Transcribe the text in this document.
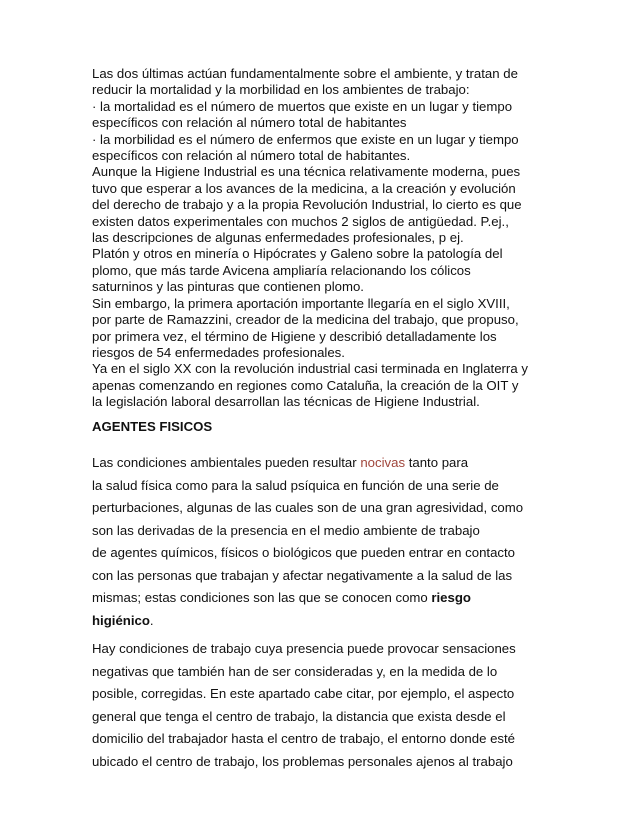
Las dos últimas actúan fundamentalmente sobre el ambiente, y tratan de

reducir la mortalidad y la morbilidad en los ambientes de trabajo:

· la mortalidad es el número de muertos que existe en un lugar y tiempo

específicos con relación al número total de habitantes

· la morbilidad es el número de enfermos que existe en un lugar y tiempo

específicos con relación al número total de habitantes.

Aunque la Higiene Industrial es una técnica relativamente moderna, pues

tuvo que esperar a los avances de la medicina, a la creación y evolución

del derecho de trabajo y a la propia Revolución Industrial, lo cierto es que

existen datos experimentales con muchos 2 siglos de antigüedad. P.ej.,

las descripciones de algunas enfermedades profesionales, p ej.

Platón y otros en minería o Hipócrates y Galeno sobre la patología del

plomo, que más tarde Avicena ampliaría relacionando los cólicos

saturninos y las pinturas que contienen plomo.

Sin embargo, la primera aportación importante llegaría en el siglo XVIII,

por parte de Ramazzini, creador de la medicina del trabajo, que propuso,

por primera vez, el término de Higiene y describió detalladamente los

riesgos de 54 enfermedades profesionales.

Ya en el siglo XX con la revolución industrial casi terminada en Inglaterra y

apenas comenzando en regiones como Cataluña, la creación de la OIT y

la legislación laboral desarrollan las técnicas de Higiene Industrial.

AGENTES FISICOS

Las condiciones ambientales pueden resultar nocivas tanto para

la salud física como para la salud psíquica en función de una serie de

perturbaciones, algunas de las cuales son de una gran agresividad, como

son las derivadas de la presencia en el medio ambiente de trabajo

de agentes químicos, físicos o biológicos que pueden entrar en contacto

con las personas que trabajan y afectar negativamente a la salud de las

mismas; estas condiciones son las que se conocen como riesgo

higiénico.

Hay condiciones de trabajo cuya presencia puede provocar sensaciones

negativas que también han de ser consideradas y, en la medida de lo

posible, corregidas. En este apartado cabe citar, por ejemplo, el aspecto

general que tenga el centro de trabajo, la distancia que exista desde el

domicilio del trabajador hasta el centro de trabajo, el entorno donde esté

ubicado el centro de trabajo, los problemas personales ajenos al trabajo
